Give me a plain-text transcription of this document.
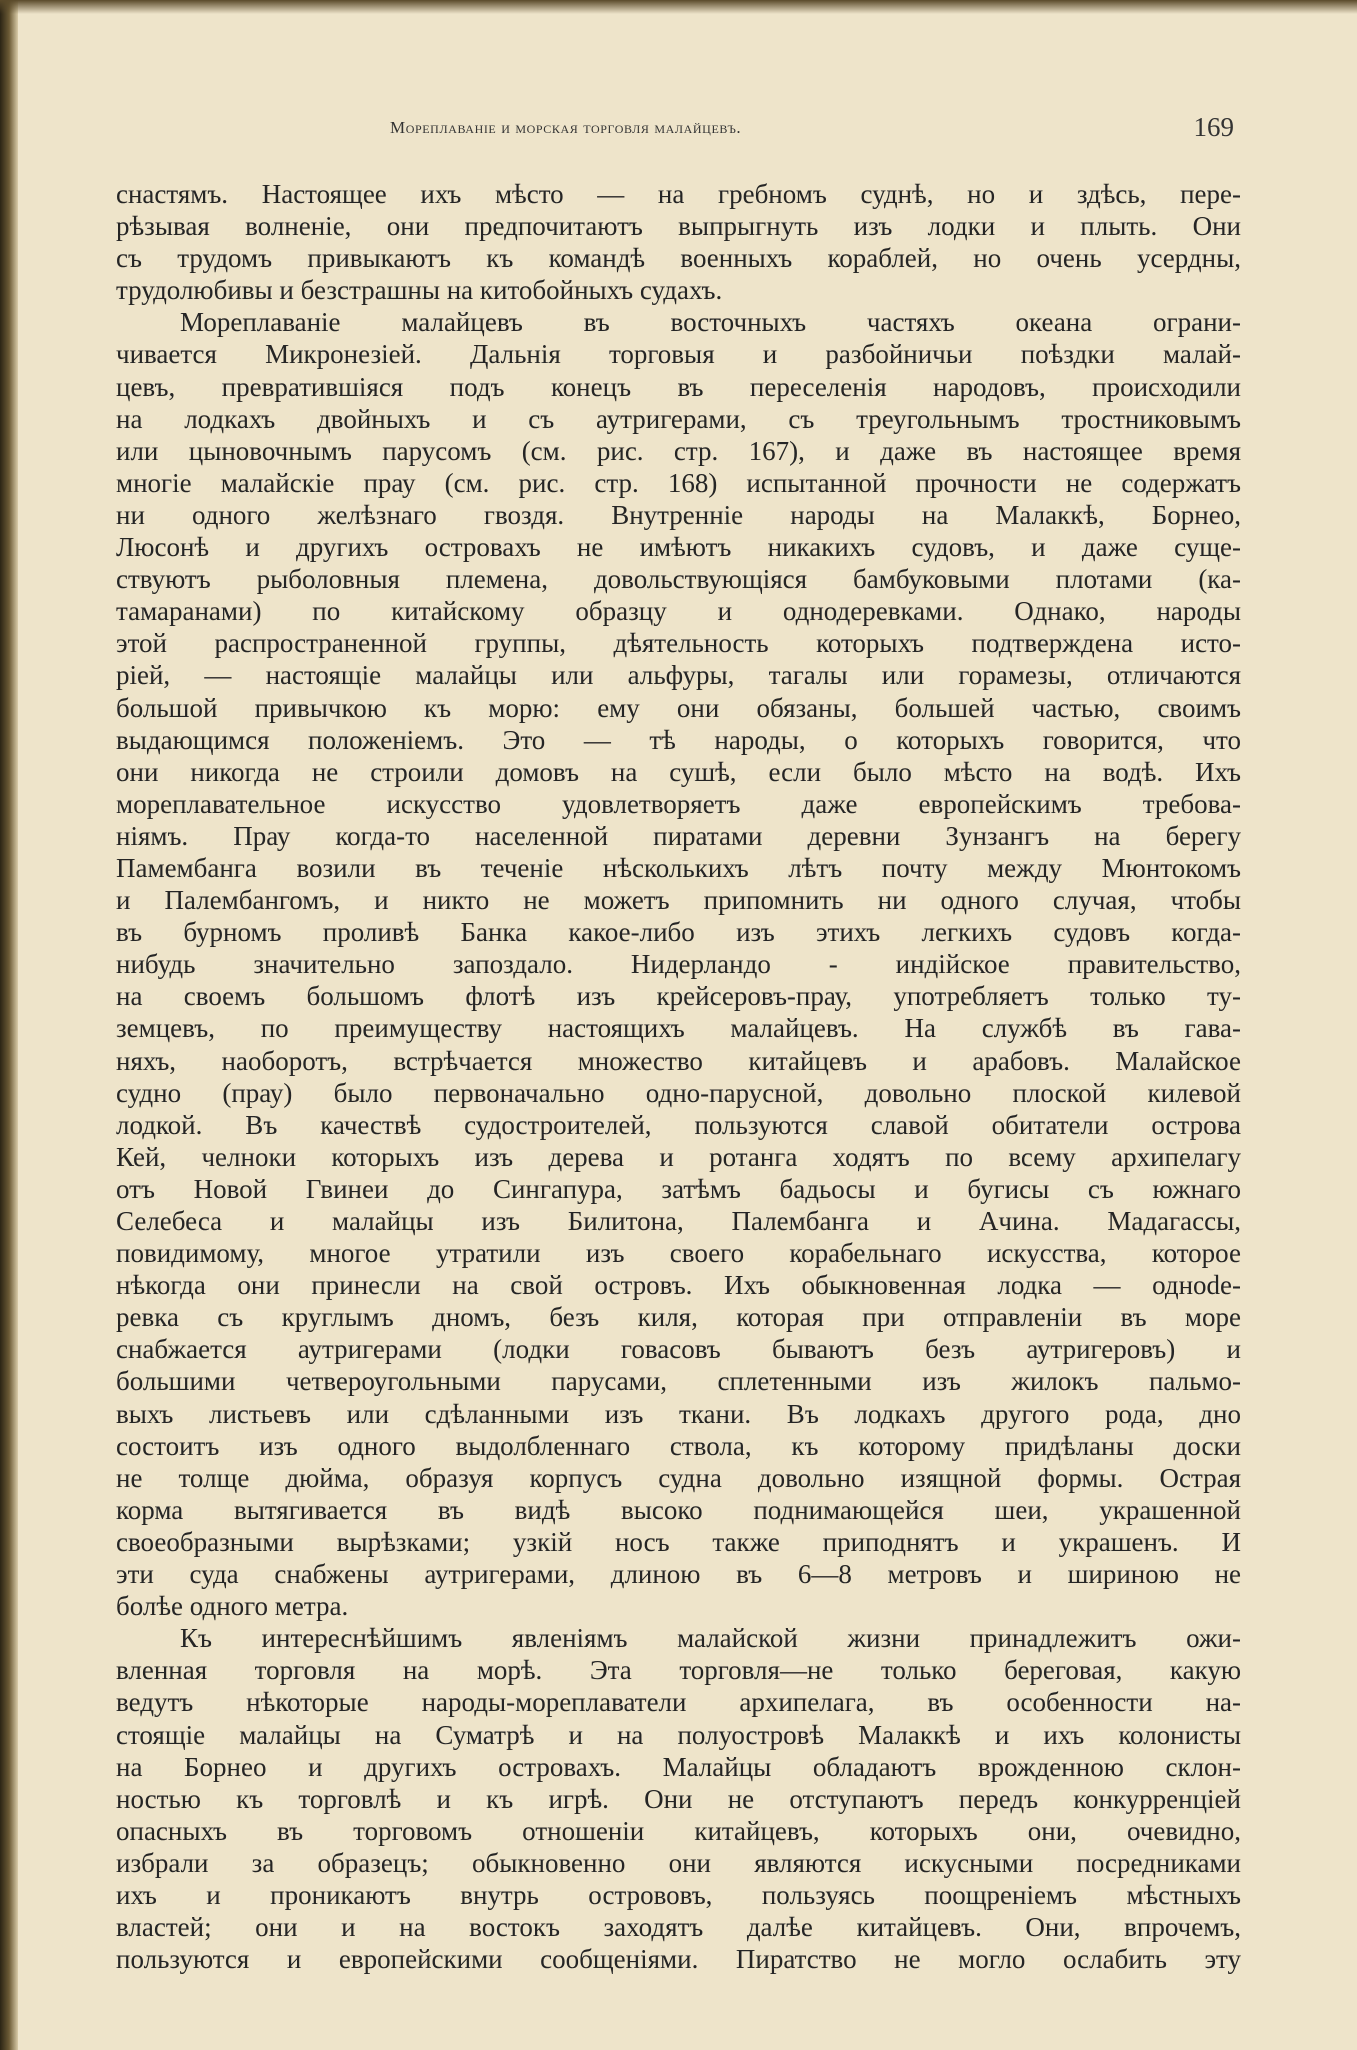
Мореплаваніе и морская торговля малайцевъ.	169
снастямъ. Настоящее ихъ мѣсто — на гребномъ суднѣ, но и здѣсь, пере-
рѣзывая волненіе, они предпочитаютъ выпрыгнуть изъ лодки и плыть. Они
съ трудомъ привыкаютъ къ командѣ военныхъ кораблей, но очень усердны,
трудолюбивы и безстрашны на китобойныхъ судахъ.
Мореплаваніе малайцевъ въ восточныхъ частяхъ океана ограни-
чивается Микронезіей. Дальнія торговыя и разбойничьи поѣздки малай-
цевъ, превратившіяся подъ конецъ въ переселенія народовъ, происходили
на лодкахъ двойныхъ и съ аутригерами, съ треугольнымъ тростниковымъ
или цыновочнымъ парусомъ (см. рис. стр. 167), и даже въ настоящее время
многіе малайскіе прау (см. рис. стр. 168) испытанной прочности не содержатъ
ни одного желѣзнаго гвоздя. Внутренніе народы на Малаккѣ, Борнео,
Люсонѣ и другихъ островахъ не имѣютъ никакихъ судовъ, и даже суще-
ствуютъ рыболовныя племена, довольствующіяся бамбуковыми плотами (ка-
тамаранами) по китайскому образцу и однодеревками. Однако, народы
этой распространенной группы, дѣятельность которыхъ подтверждена исто-
ріей, — настоящіе малайцы или альфуры, тагалы или горамезы, отличаются
большой привычкою къ морю: ему они обязаны, большей частью, своимъ
выдающимся положеніемъ. Это — тѣ народы, о которыхъ говорится, что
они никогда не строили домовъ на сушѣ, если было мѣсто на водѣ. Ихъ
мореплавательное искусство удовлетворяетъ даже европейскимъ требова-
ніямъ. Прау когда-то населенной пиратами деревни Зунзангъ на берегу
Памембанга возили въ теченіе нѣсколькихъ лѣтъ почту между Мюнтокомъ
и Палембангомъ, и никто не можетъ припомнить ни одного случая, чтобы
въ бурномъ проливѣ Банка какое-либо изъ этихъ легкихъ судовъ когда-
нибудь значительно запоздало. Нидерландо - индійское правительство,
на своемъ большомъ флотѣ изъ крейсеровъ-прау, употребляетъ только ту-
земцевъ, по преимуществу настоящихъ малайцевъ. На службѣ въ гава-
няхъ, наоборотъ, встрѣчается множество китайцевъ и арабовъ. Малайское
судно (прау) было первоначально одно-парусной, довольно плоской килевой
лодкой. Въ качествѣ судостроителей, пользуются славой обитатели острова
Кей, челноки которыхъ изъ дерева и ротанга ходятъ по всему архипелагу
отъ Новой Гвинеи до Сингапура, затѣмъ бадьосы и бугисы съ южнаго
Селебеса и малайцы изъ Билитона, Палембанга и Ачина. Мадагассы,
повидимому, многое утратили изъ своего корабельнаго искусства, которое
нѣкогда они принесли на свой островъ. Ихъ обыкновенная лодка — однode-
ревка съ круглымъ дномъ, безъ киля, которая при отправленіи въ море
снабжается аутригерами (лодки говасовъ бываютъ безъ аутригеровъ) и
большими четвероугольными парусами, сплетенными изъ жилокъ пальмо-
выхъ листьевъ или сдѣланными изъ ткани. Въ лодкахъ другого рода, дно
состоитъ изъ одного выдолбленнаго ствола, къ которому придѣланы доски
не толще дюйма, образуя корпусъ судна довольно изящной формы. Острая
корма вытягивается въ видѣ высоко поднимающейся шеи, украшенной
своеобразными вырѣзками; узкій носъ также приподнятъ и украшенъ. И
эти суда снабжены аутригерами, длиною въ 6—8 метровъ и шириною не
болѣе одного метра.
Къ интереснѣйшимъ явленіямъ малайской жизни принадлежитъ ожи-
вленная торговля на морѣ. Эта торговля—не только береговая, какую
ведутъ нѣкоторые народы-мореплаватели архипелага, въ особенности на-
стоящіе малайцы на Суматрѣ и на полуостровѣ Малаккѣ и ихъ колонисты
на Борнео и другихъ островахъ. Малайцы обладаютъ врожденною склон-
ностью къ торговлѣ и къ игрѣ. Они не отступаютъ передъ конкурренціей
опасныхъ въ торговомъ отношеніи китайцевъ, которыхъ они, очевидно,
избрали за образецъ; обыкновенно они являются искусными посредниками
ихъ и проникаютъ внутрь острововъ, пользуясь поощреніемъ мѣстныхъ
властей; они и на востокъ заходятъ далѣе китайцевъ. Они, впрочемъ,
пользуются и европейскими сообщеніями. Пиратство не могло ослабить эту
